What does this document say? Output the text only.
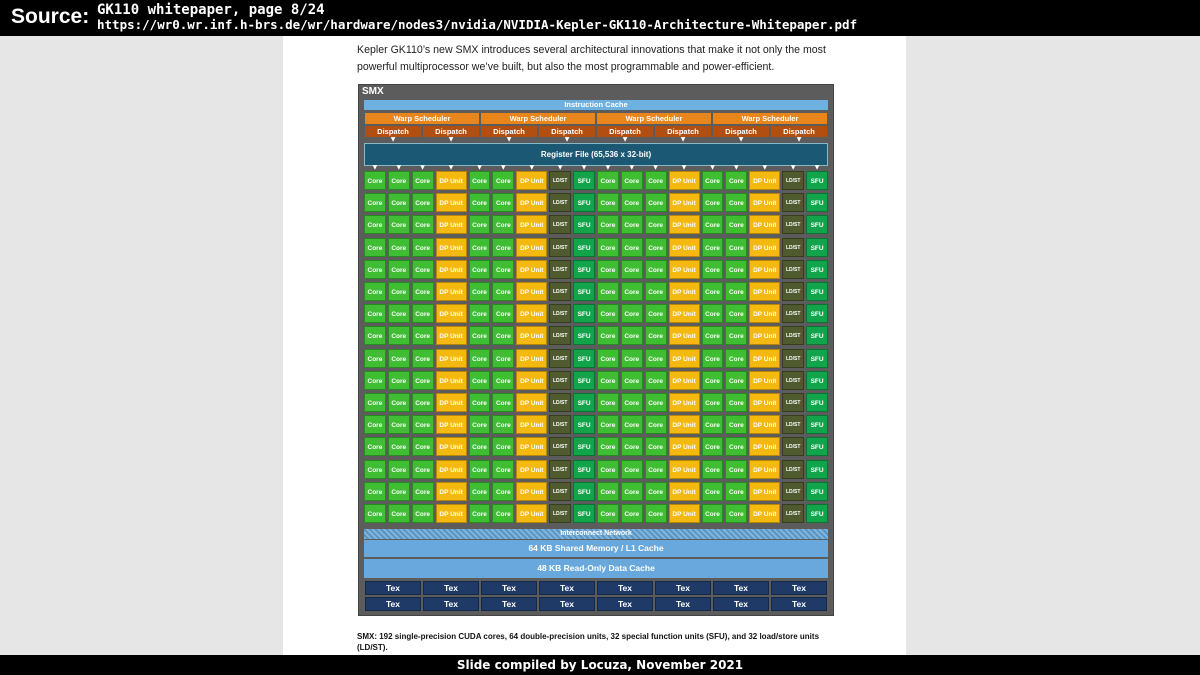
Source: GK110 whitepaper, page 8/24
https://wr0.wr.inf.h-brs.de/wr/hardware/nodes3/nvidia/NVIDIA-Kepler-GK110-Architecture-Whitepaper.pdf

Kepler GK110’s new SMX introduces several architectural innovations that make it not only the most powerful multiprocessor we’ve built, but also the most programmable and power-efficient.

SMX
Instruction Cache
Register File (65,536 x 32-bit)
Interconnect Network
64 KB Shared Memory / L1 Cache
48 KB Read-Only Data Cache
Warp Scheduler	Warp Scheduler	Warp Scheduler	Warp Scheduler
Dispatch
▼
Dispatch
▼
Dispatch
▼
Dispatch
▼
Dispatch
▼
Dispatch
▼
Dispatch
▼
Dispatch
▼
▼	▼	▼	▼	▼	▼	▼	▼	▼	▼	▼	▼	▼	▼	▼	▼	▼	▼
Core	Core	Core	DP Unit	Core	Core	DP Unit	LD/ST	SFU	Core	Core	Core	DP Unit	Core	Core	DP Unit	LD/ST	SFU
Core	Core	Core	DP Unit	Core	Core	DP Unit	LD/ST	SFU	Core	Core	Core	DP Unit	Core	Core	DP Unit	LD/ST	SFU
Core	Core	Core	DP Unit	Core	Core	DP Unit	LD/ST	SFU	Core	Core	Core	DP Unit	Core	Core	DP Unit	LD/ST	SFU
Core	Core	Core	DP Unit	Core	Core	DP Unit	LD/ST	SFU	Core	Core	Core	DP Unit	Core	Core	DP Unit	LD/ST	SFU
Core	Core	Core	DP Unit	Core	Core	DP Unit	LD/ST	SFU	Core	Core	Core	DP Unit	Core	Core	DP Unit	LD/ST	SFU
Core	Core	Core	DP Unit	Core	Core	DP Unit	LD/ST	SFU	Core	Core	Core	DP Unit	Core	Core	DP Unit	LD/ST	SFU
Core	Core	Core	DP Unit	Core	Core	DP Unit	LD/ST	SFU	Core	Core	Core	DP Unit	Core	Core	DP Unit	LD/ST	SFU
Core	Core	Core	DP Unit	Core	Core	DP Unit	LD/ST	SFU	Core	Core	Core	DP Unit	Core	Core	DP Unit	LD/ST	SFU
Core	Core	Core	DP Unit	Core	Core	DP Unit	LD/ST	SFU	Core	Core	Core	DP Unit	Core	Core	DP Unit	LD/ST	SFU
Core	Core	Core	DP Unit	Core	Core	DP Unit	LD/ST	SFU	Core	Core	Core	DP Unit	Core	Core	DP Unit	LD/ST	SFU
Core	Core	Core	DP Unit	Core	Core	DP Unit	LD/ST	SFU	Core	Core	Core	DP Unit	Core	Core	DP Unit	LD/ST	SFU
Core	Core	Core	DP Unit	Core	Core	DP Unit	LD/ST	SFU	Core	Core	Core	DP Unit	Core	Core	DP Unit	LD/ST	SFU
Core	Core	Core	DP Unit	Core	Core	DP Unit	LD/ST	SFU	Core	Core	Core	DP Unit	Core	Core	DP Unit	LD/ST	SFU
Core	Core	Core	DP Unit	Core	Core	DP Unit	LD/ST	SFU	Core	Core	Core	DP Unit	Core	Core	DP Unit	LD/ST	SFU
Core	Core	Core	DP Unit	Core	Core	DP Unit	LD/ST	SFU	Core	Core	Core	DP Unit	Core	Core	DP Unit	LD/ST	SFU
Core	Core	Core	DP Unit	Core	Core	DP Unit	LD/ST	SFU	Core	Core	Core	DP Unit	Core	Core	DP Unit	LD/ST	SFU
Tex	Tex	Tex	Tex	Tex	Tex	Tex	Tex
Tex	Tex	Tex	Tex	Tex	Tex	Tex	Tex

SMX: 192 single-precision CUDA cores, 64 double-precision units, 32 special function units (SFU), and 32 load/store units (LD/ST).

Slide compiled by Locuza, November 2021
